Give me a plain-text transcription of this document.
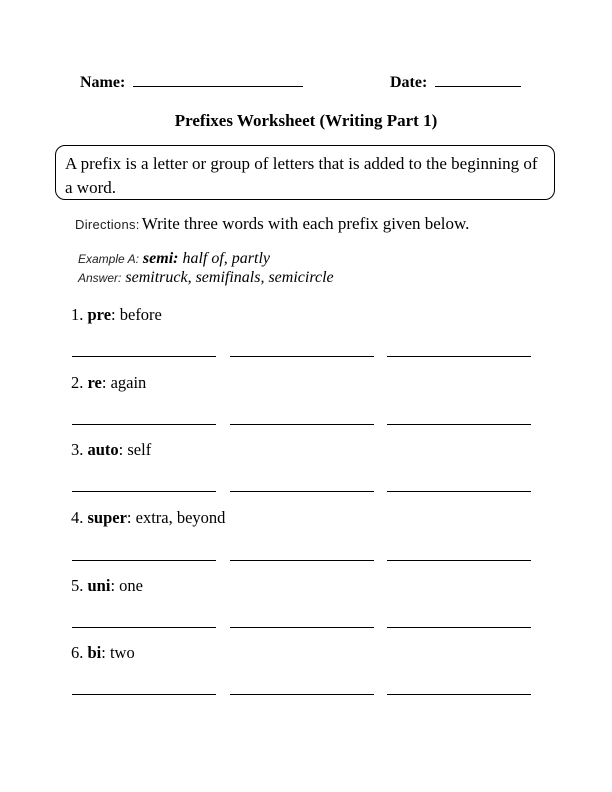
Name:	Date:
Prefixes Worksheet (Writing Part 1)
A prefix is a letter or group of letters that is added to the beginning of a word.
Directions: Write three words with each prefix given below.
Example A: semi: half of, partly
Answer: semitruck, semifinals, semicircle
1. pre: before
2. re: again
3. auto: self
4. super: extra, beyond
5. uni: one
6. bi: two
